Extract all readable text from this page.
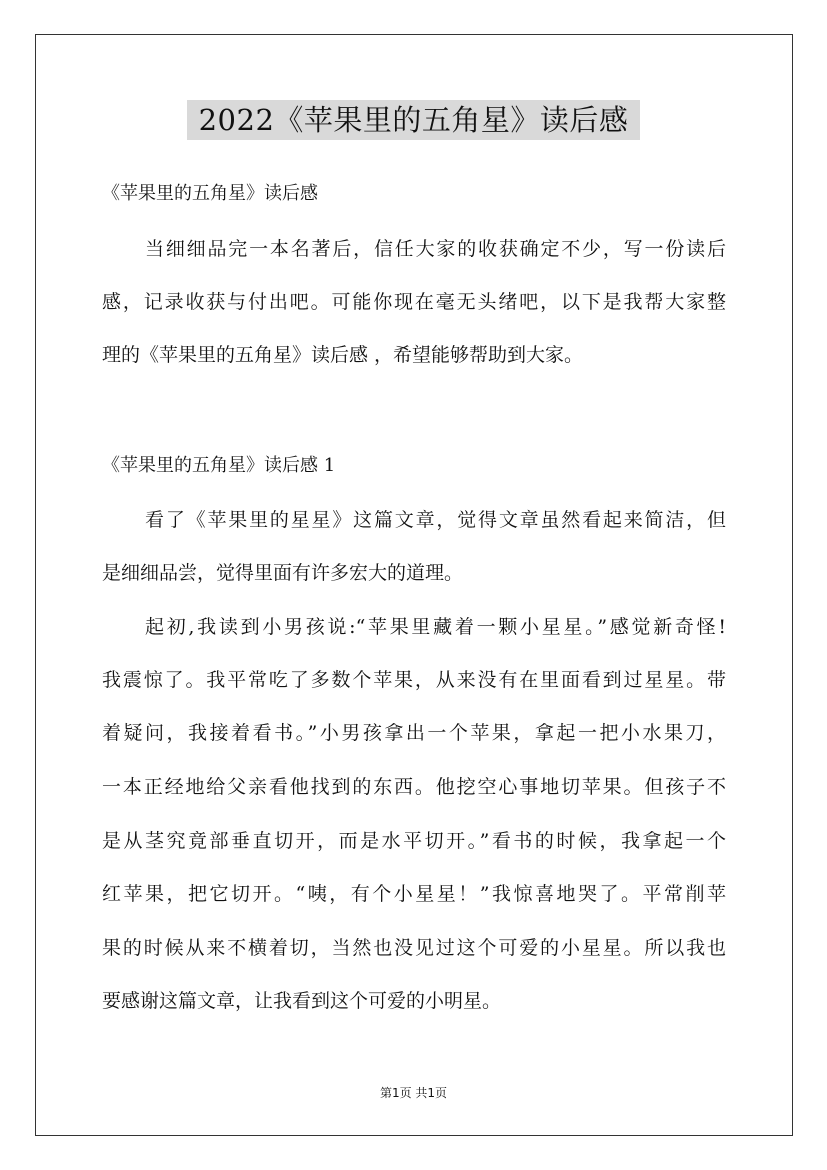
2022《苹果里的五角星》读后感
《苹果里的五角星》读后感
当细细品完一本名著后，信任大家的收获确定不少，写一份读后
感，记录收获与付出吧。可能你现在毫无头绪吧，以下是我帮大家整
理的《苹果里的五角星》读后感 ，希望能够帮助到大家。
《苹果里的五角星》读后感 1
看了《苹果里的星星》这篇文章，觉得文章虽然看起来简洁，但
是细细品尝，觉得里面有许多宏大的道理。
起初,我读到小男孩说:“苹果里藏着一颗小星星。”感觉新奇怪!
我震惊了。我平常吃了多数个苹果，从来没有在里面看到过星星。带
着疑问，我接着看书。”小男孩拿出一个苹果，拿起一把小水果刀，
一本正经地给父亲看他找到的东西。他挖空心事地切苹果。但孩子不
是从茎究竟部垂直切开，而是水平切开。”看书的时候，我拿起一个
红苹果，把它切开。“咦，有个小星星！”我惊喜地哭了。平常削苹
果的时候从来不横着切，当然也没见过这个可爱的小星星。所以我也
要感谢这篇文章，让我看到这个可爱的小明星。
第1页 共1页
